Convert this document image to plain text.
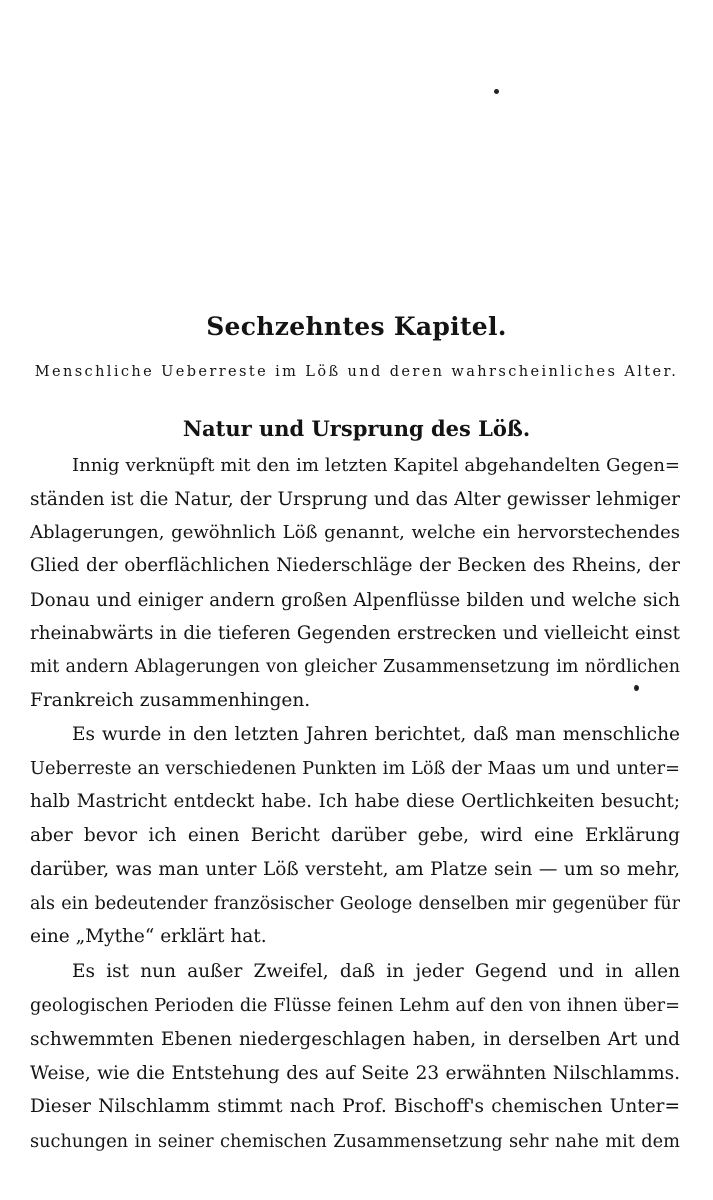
Sechzehntes Kapitel.
Menschliche Ueberreste im Löß und deren wahrscheinliches Alter.
Natur und Ursprung des Löß.
Innig verknüpft mit den im letzten Kapitel abgehandelten Gegen=
ständen ist die Natur, der Ursprung und das Alter gewisser lehmiger
Ablagerungen, gewöhnlich Löß genannt, welche ein hervorstechendes
Glied der oberflächlichen Niederschläge der Becken des Rheins, der
Donau und einiger andern großen Alpenflüsse bilden und welche sich
rheinabwärts in die tieferen Gegenden erstrecken und vielleicht einst
mit andern Ablagerungen von gleicher Zusammensetzung im nördlichen
Frankreich zusammenhingen.
Es wurde in den letzten Jahren berichtet, daß man menschliche
Ueberreste an verschiedenen Punkten im Löß der Maas um und unter=
halb Mastricht entdeckt habe. Ich habe diese Oertlichkeiten besucht;
aber bevor ich einen Bericht darüber gebe, wird eine Erklärung
darüber, was man unter Löß versteht, am Platze sein — um so mehr,
als ein bedeutender französischer Geologe denselben mir gegenüber für
eine „Mythe“ erklärt hat.
Es ist nun außer Zweifel, daß in jeder Gegend und in allen
geologischen Perioden die Flüsse feinen Lehm auf den von ihnen über=
schwemmten Ebenen niedergeschlagen haben, in derselben Art und
Weise, wie die Entstehung des auf Seite 23 erwähnten Nilschlamms.
Dieser Nilschlamm stimmt nach Prof. Bischoff's chemischen Unter=
suchungen in seiner chemischen Zusammensetzung sehr nahe mit dem
